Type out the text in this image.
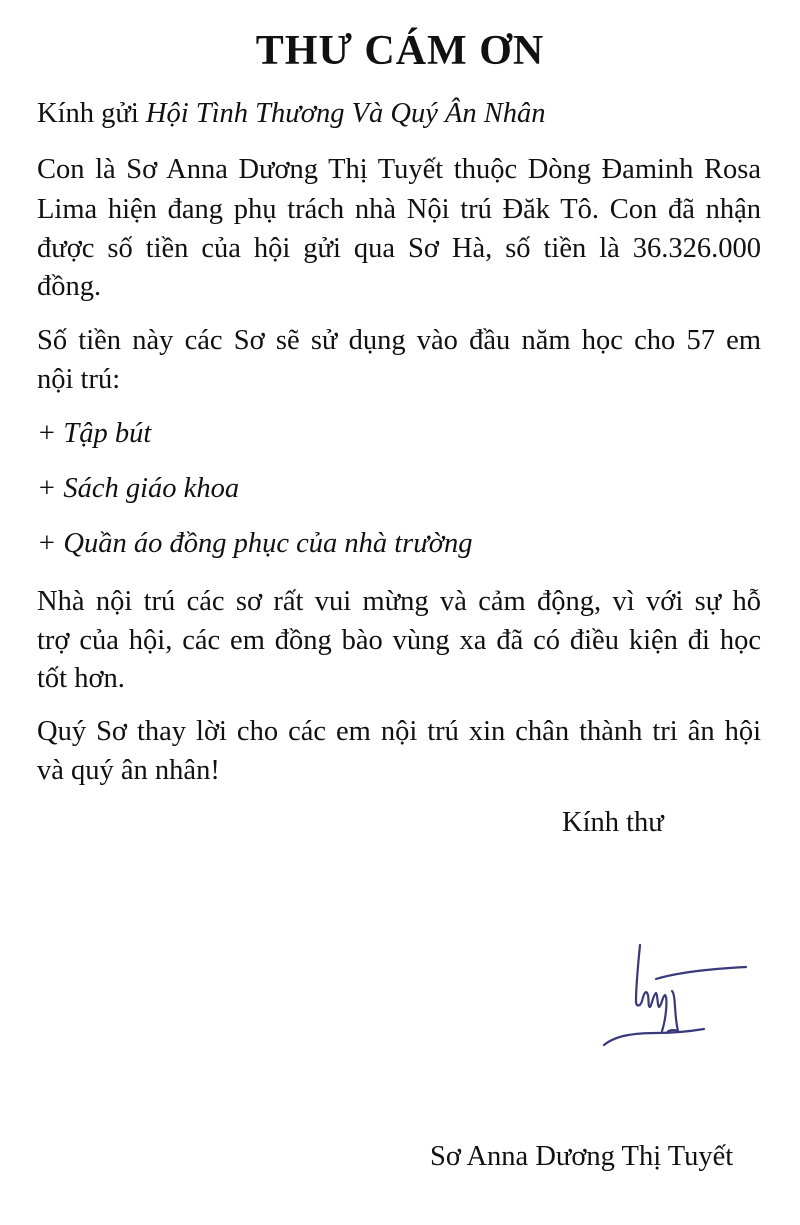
THƯ CÁM ƠN
Kính gửi Hội Tình Thương Và Quý Ân Nhân
Con là Sơ Anna Dương Thị Tuyết thuộc Dòng Đaminh Rosa
Lima hiện đang phụ trách nhà Nội trú Đăk Tô. Con đã nhận
được số tiền của hội gửi qua Sơ Hà, số tiền là 36.326.000
đồng.
Số tiền này các Sơ sẽ sử dụng vào đầu năm học cho 57 em
nội trú:
+ Tập bút
+ Sách giáo khoa
+ Quần áo đồng phục của nhà trường
Nhà nội trú các sơ rất vui mừng và cảm động, vì với sự hỗ
trợ của hội, các em đồng bào vùng xa đã có điều kiện đi học
tốt hơn.
Quý Sơ thay lời cho các em nội trú xin chân thành tri ân hội
và quý ân nhân!
Kính thư
Sơ Anna Dương Thị Tuyết
